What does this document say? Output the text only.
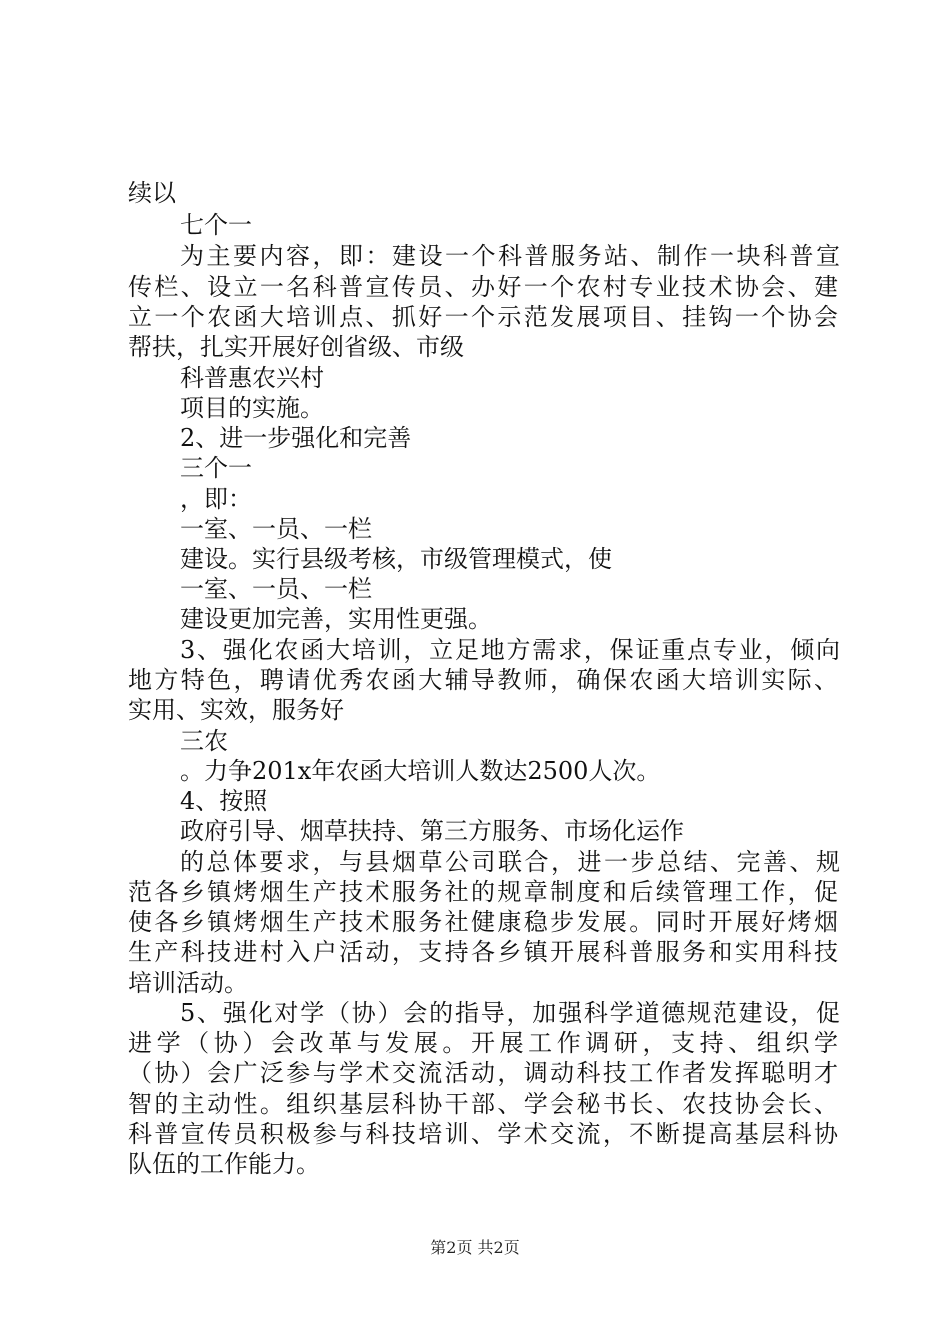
续以
七个一
为主要内容，即：建设一个科普服务站、制作一块科普宣
传栏、设立一名科普宣传员、办好一个农村专业技术协会、建
立一个农函大培训点、抓好一个示范发展项目、挂钩一个协会
帮扶，扎实开展好创省级、市级
科普惠农兴村
项目的实施。
2、进一步强化和完善
三个一
，即：
一室、一员、一栏
建设。实行县级考核，市级管理模式，使
一室、一员、一栏
建设更加完善，实用性更强。
3、强化农函大培训，立足地方需求，保证重点专业，倾向
地方特色，聘请优秀农函大辅导教师，确保农函大培训实际、
实用、实效，服务好
三农
。力争201x年农函大培训人数达2500人次。
4、按照
政府引导、烟草扶持、第三方服务、市场化运作
的总体要求，与县烟草公司联合，进一步总结、完善、规
范各乡镇烤烟生产技术服务社的规章制度和后续管理工作，促
使各乡镇烤烟生产技术服务社健康稳步发展。同时开展好烤烟
生产科技进村入户活动，支持各乡镇开展科普服务和实用科技
培训活动。
5、强化对学（协）会的指导，加强科学道德规范建设，促
进学（协）会改革与发展。开展工作调研，支持、组织学
（协）会广泛参与学术交流活动，调动科技工作者发挥聪明才
智的主动性。组织基层科协干部、学会秘书长、农技协会长、
科普宣传员积极参与科技培训、学术交流，不断提高基层科协
队伍的工作能力。
第2页 共2页
